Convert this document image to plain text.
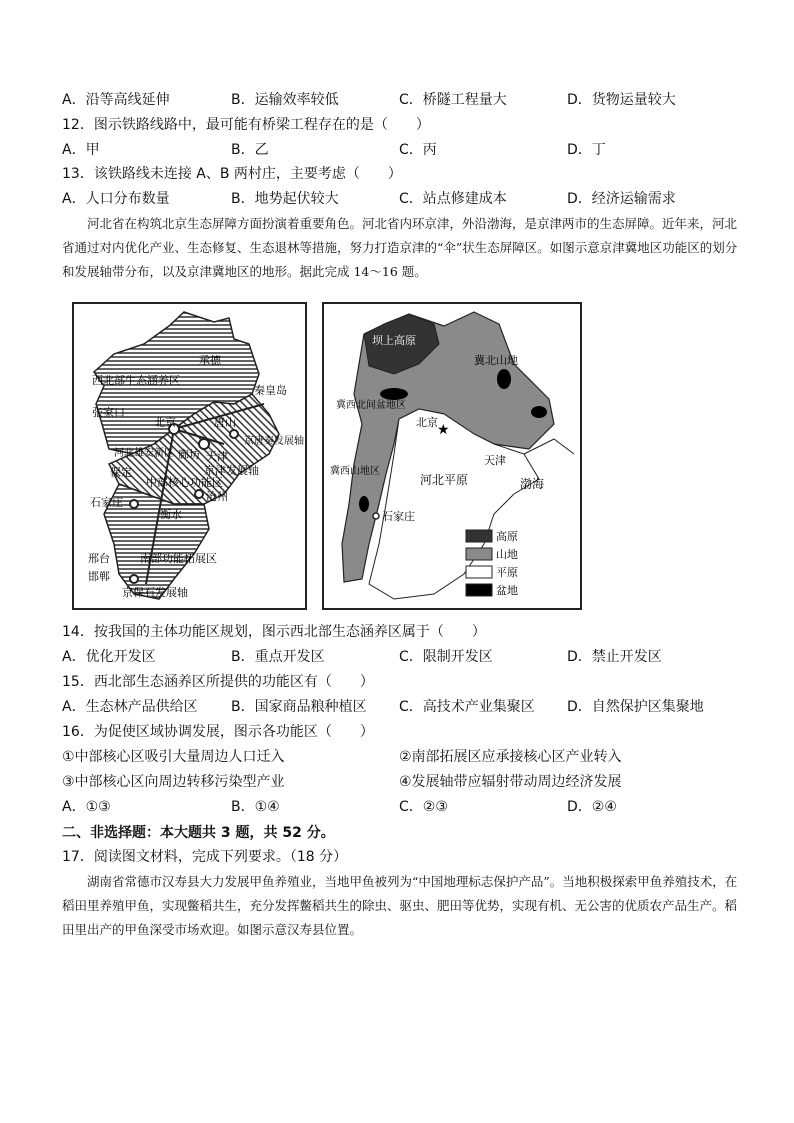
A．沿等高线延伸	B．运输效率较低	C．桥隧工程量大	D．货物运量较大
12．图示铁路线路中，最可能有桥梁工程存在的是（　　）
A．甲	B．乙	C．丙	D．丁
13．该铁路线未连接 A、B 两村庄，主要考虑（　　）
A．人口分布数量	B．地势起伏较大	C．站点修建成本	D．经济运输需求
河北省在构筑北京生态屏障方面扮演着重要角色。河北省内环京津，外沿渤海，是京津两市的生态屏障。近年来，河北省通过对内优化产业、生态修复、生态退林等措施，努力打造京津的“伞”状生态屏障区。如图示意京津冀地区功能区的划分和发展轴带分布，以及京津冀地区的地形。据此完成 14～16 题。
承德
西北部生态涵养区
张家口
秦皇岛
唐山
北京
京唐秦发展轴
廊坊
河北雄安新区
保定
天津
京津发展轴
中部核心功能区
沧州
石家庄
衡水
邢台
邯郸
南部功能拓展区
京保石发展轴
★
坝上高原
冀北山地
冀西北间盆地区
北京
天津
河北平原	渤海
石家庄
冀西山地区
高原
山地
平原
盆地
14．按我国的主体功能区规划，图示西北部生态涵养区属于（　　）
A．优化开发区	B．重点开发区	C．限制开发区	D．禁止开发区
15．西北部生态涵养区所提供的功能区有（　　）
A．生态林产品供给区 B．国家商品粮种植区 C．高技术产业集聚区 D．自然保护区集聚地
16．为促使区域协调发展，图示各功能区（　　）
①中部核心区吸引大量周边人口迁入	②南部拓展区应承接核心区产业转入
③中部核心区向周边转移污染型产业	④发展轴带应辐射带动周边经济发展
A．①③	B．①④	C．②③	D．②④
二、非选择题：本大题共 3 题，共 52 分。
17．阅读图文材料，完成下列要求。（18 分）
湖南省常德市汉寿县大力发展甲鱼养殖业，当地甲鱼被列为“中国地理标志保护产品”。当地积极探索甲鱼养殖技术，在稻田里养殖甲鱼，实现鳖稻共生，充分发挥鳖稻共生的除虫、驱虫、肥田等优势，实现有机、无公害的优质农产品生产。稻田里出产的甲鱼深受市场欢迎。如图示意汉寿县位置。
